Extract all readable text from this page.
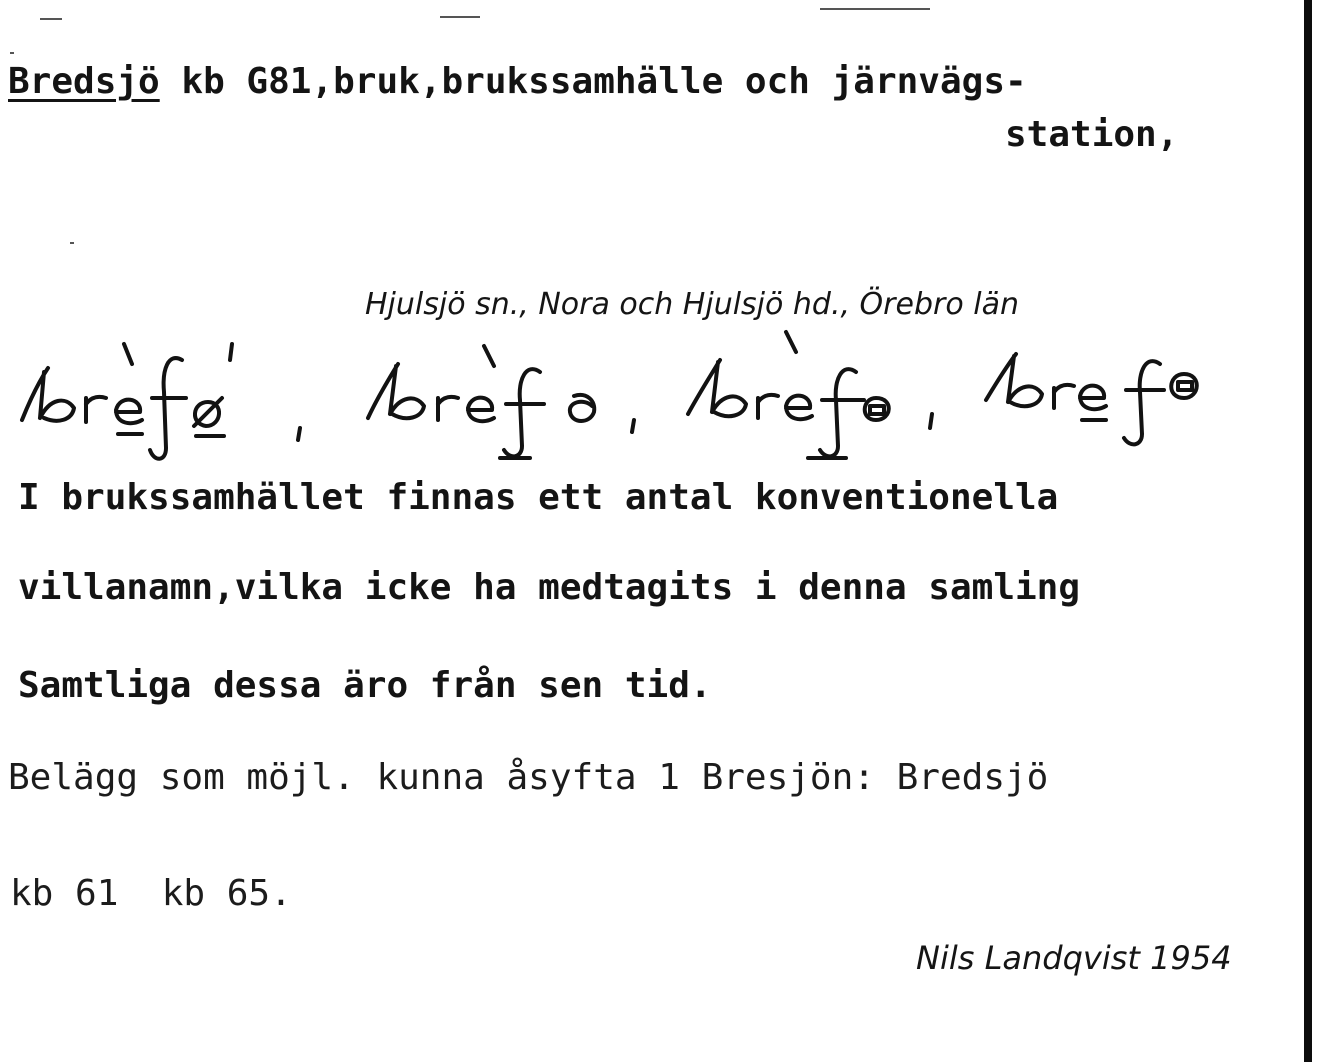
Bredsjö kb G81,bruk,brukssamhälle och järnvägs-
station,
Hjulsjö sn., Nora och Hjulsjö hd., Örebro län
I brukssamhället finnas ett antal konventionella
villanamn,vilka icke ha medtagits i denna samling
Samtliga dessa äro från sen tid.
Belägg som möjl. kunna åsyfta 1 Bresjön: Bredsjö
kb 61  kb 65.
Nils Landqvist 1954
